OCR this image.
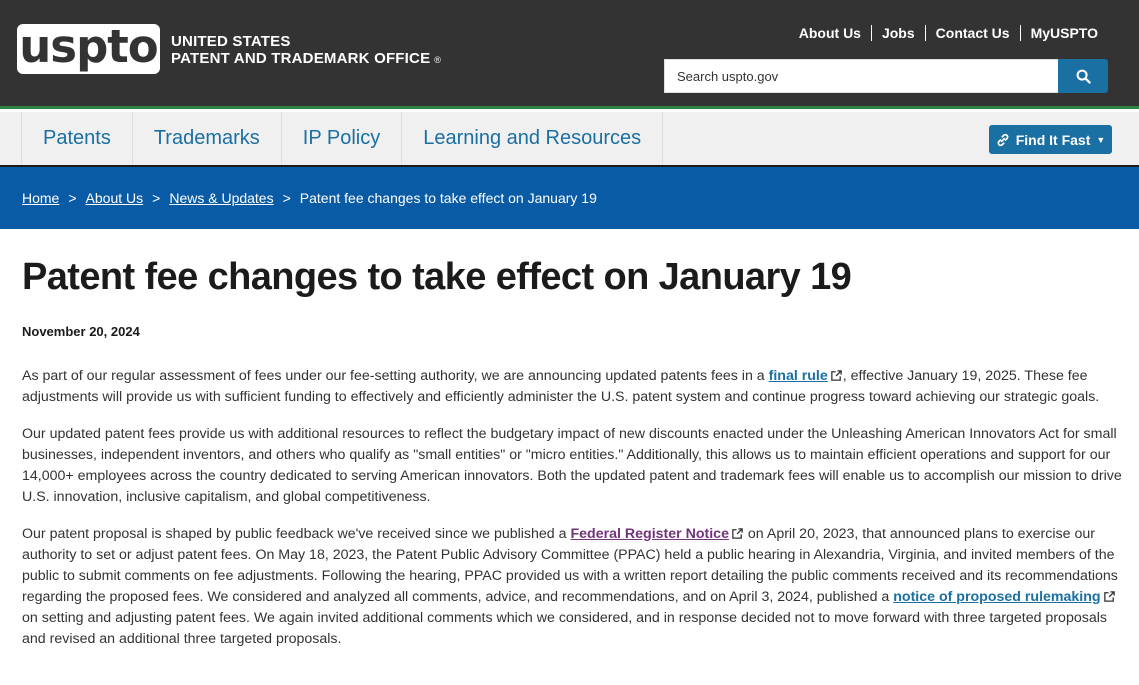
uspto UNITED STATES
PATENT AND TRADEMARK OFFICE ®
About Us	Jobs	Contact Us	MyUSPTO
Search uspto.gov
Patents	Trademarks	IP Policy	Learning and Resources	Find It Fast ▼
Home > About Us > News & Updates > Patent fee changes to take effect on January 19
Patent fee changes to take effect on January 19
November 20, 2024

As part of our regular assessment of fees under our fee-setting authority, we are announcing updated patents fees in a final rule , effective January 19, 2025. These fee adjustments will provide us with sufficient funding to effectively and efficiently administer the U.S. patent system and continue progress toward achieving our strategic goals.

Our updated patent fees provide us with additional resources to reflect the budgetary impact of new discounts enacted under the Unleashing American Innovators Act for small businesses, independent inventors, and others who qualify as "small entities" or "micro entities." Additionally, this allows us to maintain efficient operations and support for our 14,000+ employees across the country dedicated to serving American innovators. Both the updated patent and trademark fees will enable us to accomplish our mission to drive U.S. innovation, inclusive capitalism, and global competitiveness.

Our patent proposal is shaped by public feedback we've received since we published a Federal Register Notice on April 20, 2023, that announced plans to exercise our authority to set or adjust patent fees. On May 18, 2023, the Patent Public Advisory Committee (PPAC) held a public hearing in Alexandria, Virginia, and invited members of the public to submit comments on fee adjustments. Following the hearing, PPAC provided us with a written report detailing the public comments received and its recommendations regarding the proposed fees. We considered and analyzed all comments, advice, and recommendations, and on April 3, 2024, published a notice of proposed rulemaking on setting and adjusting patent fees. We again invited additional comments which we considered, and in response decided not to move forward with three targeted proposals and revised an additional three targeted proposals.
